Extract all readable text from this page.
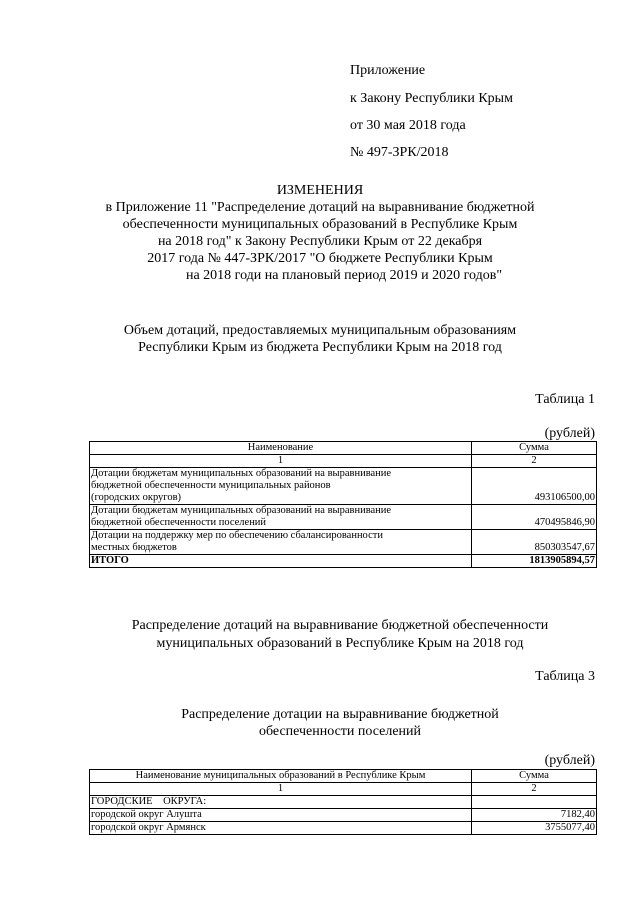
Приложение
к Закону Республики Крым
от 30 мая 2018 года
№ 497-ЗРК/2018
ИЗМЕНЕНИЯ
в Приложение 11 "Распределение дотаций на выравнивание бюджетной
обеспеченности муниципальных образований в Республике Крым
на 2018 год" к Закону Республики Крым от 22 декабря
2017 года № 447-ЗРК/2017 "О бюджете Республики Крым
на 2018 годи на плановый период 2019 и 2020 годов"
Объем дотаций, предоставляемых муниципальным образованиям
Республики Крым из бюджета Республики Крым на 2018 год
Таблица 1
(рублей)
Наименование	Сумма
1	2

Дотации бюджетам муниципальных образований на выравнивание
бюджетной обеспеченности муниципальных районов
(городских округов)	493106500,00

Дотации бюджетам муниципальных образований на выравнивание
бюджетной обеспеченности поселений	470495846,90

Дотации на поддержку мер по обеспечению сбалансированности
местных бюджетов	850303547,67
ИТОГО	1813905894,57
Распределение дотаций на выравнивание бюджетной обеспеченности
муниципальных образований в Республике Крым на 2018 год
Таблица 3
Распределение дотации на выравнивание бюджетной
обеспеченности поселений
(рублей)
Наименование муниципальных образований в Республике Крым	Сумма
1	2
ГОРОДСКИЕ    ОКРУГА:	
городской округ Алушта	7182,40
городской округ Армянск	3755077,40
